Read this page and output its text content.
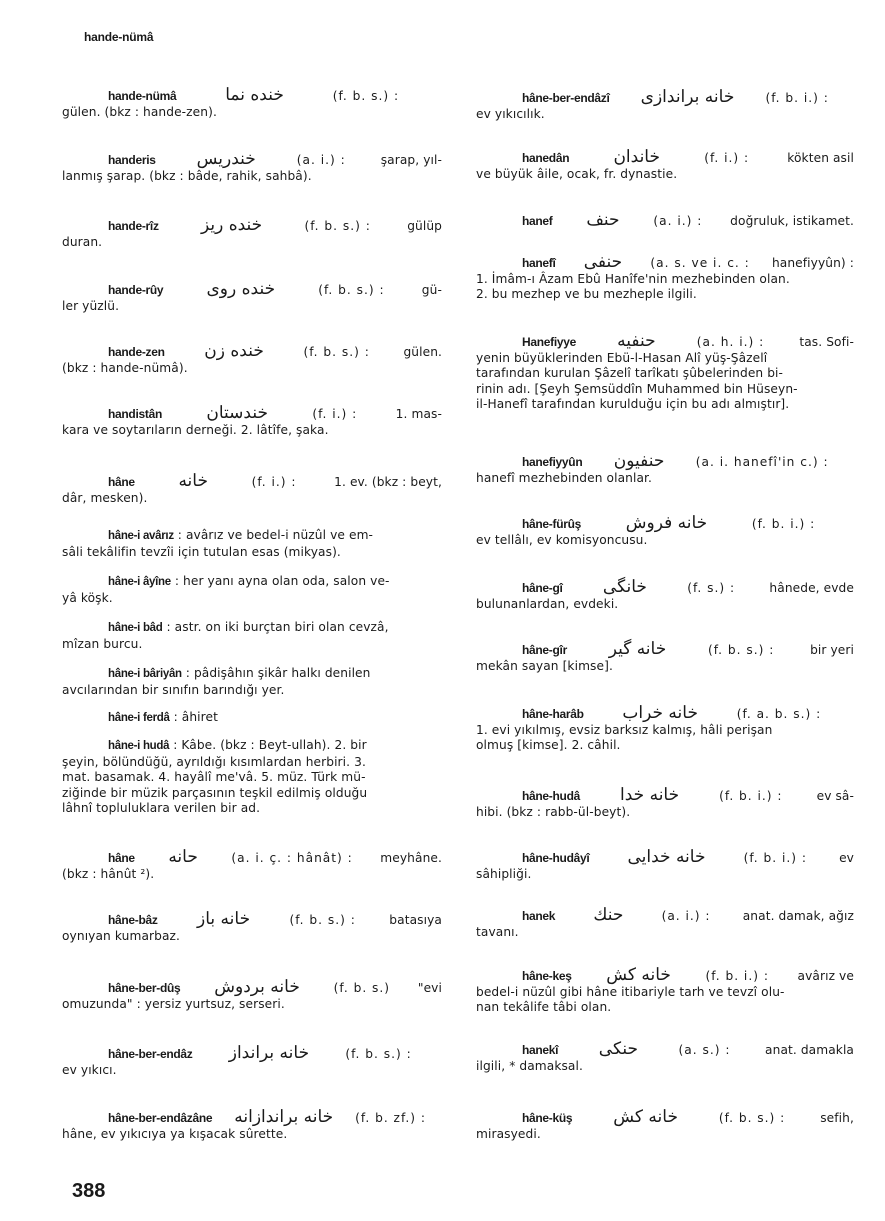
hande-nümâ
hande-nümâ	خنده نما	(f. b. s.) :
gülen. (bkz : hande-zen).
handeris	خندريس	(a. i.) :	şarap, yıl-
lanmış şarap. (bkz : bâde, rahik, sahbâ).
hande-rîz	خنده ريز	(f. b. s.) :	gülüp
duran.
hande-rûy	خنده روى	(f. b. s.) :	gü-
ler yüzlü.
hande-zen	خنده زن	(f. b. s.) :	gülen.
(bkz : hande-nümâ).
handistân	خندستان	(f. i.) :	1. mas-
kara ve soytarıların derneği. 2. lâtîfe, şaka.
hâne	خانه	(f. i.) :	1. ev. (bkz : beyt,
dâr, mesken).
hâne-i avârız : avârız ve bedel-i nüzûl ve em-
sâli tekâlifin tevzîi için tutulan esas (mikyas).
hâne-i âyîne : her yanı ayna olan oda, salon ve-
yâ köşk.
hâne-i bâd : astr. on iki burçtan biri olan cevzâ,
mîzan burcu.
hâne-i bâriyân : pâdişâhın şikâr halkı denilen
avcılarından bir sınıfın barındığı yer.
hâne-i ferdâ : âhiret
hâne-i hudâ : Kâbe. (bkz : Beyt-ullah). 2. bir
şeyin, bölündüğü, ayrıldığı kısımlardan herbiri. 3.
mat. basamak. 4. hayâlî me'vâ. 5. müz. Türk mü-
ziğinde bir müzik parçasının teşkil edilmiş olduğu
lâhnî topluluklara verilen bir ad.
hâne	حانه	(a. i. ç. : hânât) : meyhâne.
(bkz : hânût ²).
hâne-bâz	خانه باز	(f. b. s.) :	batasıya
oynıyan kumarbaz.
hâne-ber-dûş	خانه بردوش	(f. b. s.) "evi
omuzunda" : yersiz yurtsuz, serseri.
hâne-ber-endâz	خانه برانداز	(f. b. s.) :
ev yıkıcı.
hâne-ber-endâzâne	خانه براندازانه	(f. b. zf.) :
hâne, ev yıkıcıya ya kışacak sûrette.
hâne-ber-endâzî	خانه براندازى	(f. b. i.) :
ev yıkıcılık.
hanedân	خاندان	(f. i.) :	kökten asil
ve büyük âile, ocak, fr. dynastie.
hanef	حنف	(a. i.) : doğruluk, istikamet.
hanefî	حنفى	(a. s. ve i. c. : hanefiyyûn) :
1. İmâm-ı Âzam Ebû Hanîfe'nin mezhebinden olan.
2. bu mezhep ve bu mezheple ilgili.
Hanefiyye	حنفيه	(a. h. i.) :	tas. Sofi-
yenin büyüklerinden Ebü-l-Hasan Alî yüş-Şâzelî
tarafından kurulan Şâzelî tarîkatı şûbelerinden bi-
rinin adı. [Şeyh Şemsüddîn Muhammed bin Hüseyn-
il-Hanefî tarafından kurulduğu için bu adı almıştır].
hanefiyyûn	حنفيون	(a. i. hanefî'in c.) :
hanefî mezhebinden olanlar.
hâne-fürûş	خانه فروش	(f. b. i.) :
ev tellâlı, ev komisyoncusu.
hâne-gî	خانگى	(f. s.) :	hânede, evde
bulunanlardan, evdeki.
hâne-gîr	خانه گير	(f. b. s.) :	bir yeri
mekân sayan [kimse].
hâne-harâb	خانه خراب	(f. a. b. s.) :
1. evi yıkılmış, evsiz barksız kalmış, hâli perişan
olmuş [kimse]. 2. câhil.
hâne-hudâ	خانه خدا	(f. b. i.) :	ev sâ-
hibi. (bkz : rabb-ül-beyt).
hâne-hudâyî	خانه خدايى	(f. b. i.) :	ev
sâhipliği.
hanek	حنك	(a. i.) :	anat. damak, ağız
tavanı.
hâne-keş	خانه كش	(f. b. i.) : avârız ve
bedel-i nüzûl gibi hâne itibariyle tarh ve tevzî olu-
nan tekâlife tâbi olan.
hanekî	حنكى	(a. s.) :	anat. damakla
ilgili, * damaksal.
hâne-küş	خانه كش	(f. b. s.) :	sefih,
mirasyedi.
388
